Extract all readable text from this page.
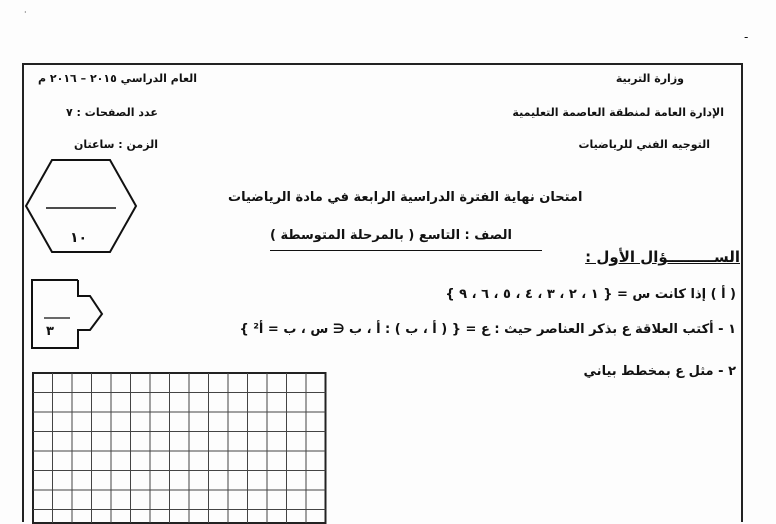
·
-
وزارة التربية
الإدارة العامة لمنطقة العاصمة التعليمية
التوجيه الفني للرياضيات
العام الدراسي ٢٠١٥ – ٢٠١٦ م
عدد الصفحات : ٧
الزمن : ساعتان
١٠
امتحان نهاية الفترة الدراسية الرابعة في مادة الرياضيات
الصف : التاسع ( بالمرحلة المتوسطة )
٣
الســـــــــؤال الأول :
( أ ) إذا كانت س = { ١ ، ٢ ، ٣ ، ٤ ، ٥ ، ٦ ، ٩ }
١ - أكتب العلاقة ع بذكر العناصر حيث : ع = { ( أ ، ب ) : أ ، ب ∈ س ، ب = أ² }
٢ - مثل ع بمخطط بياني
